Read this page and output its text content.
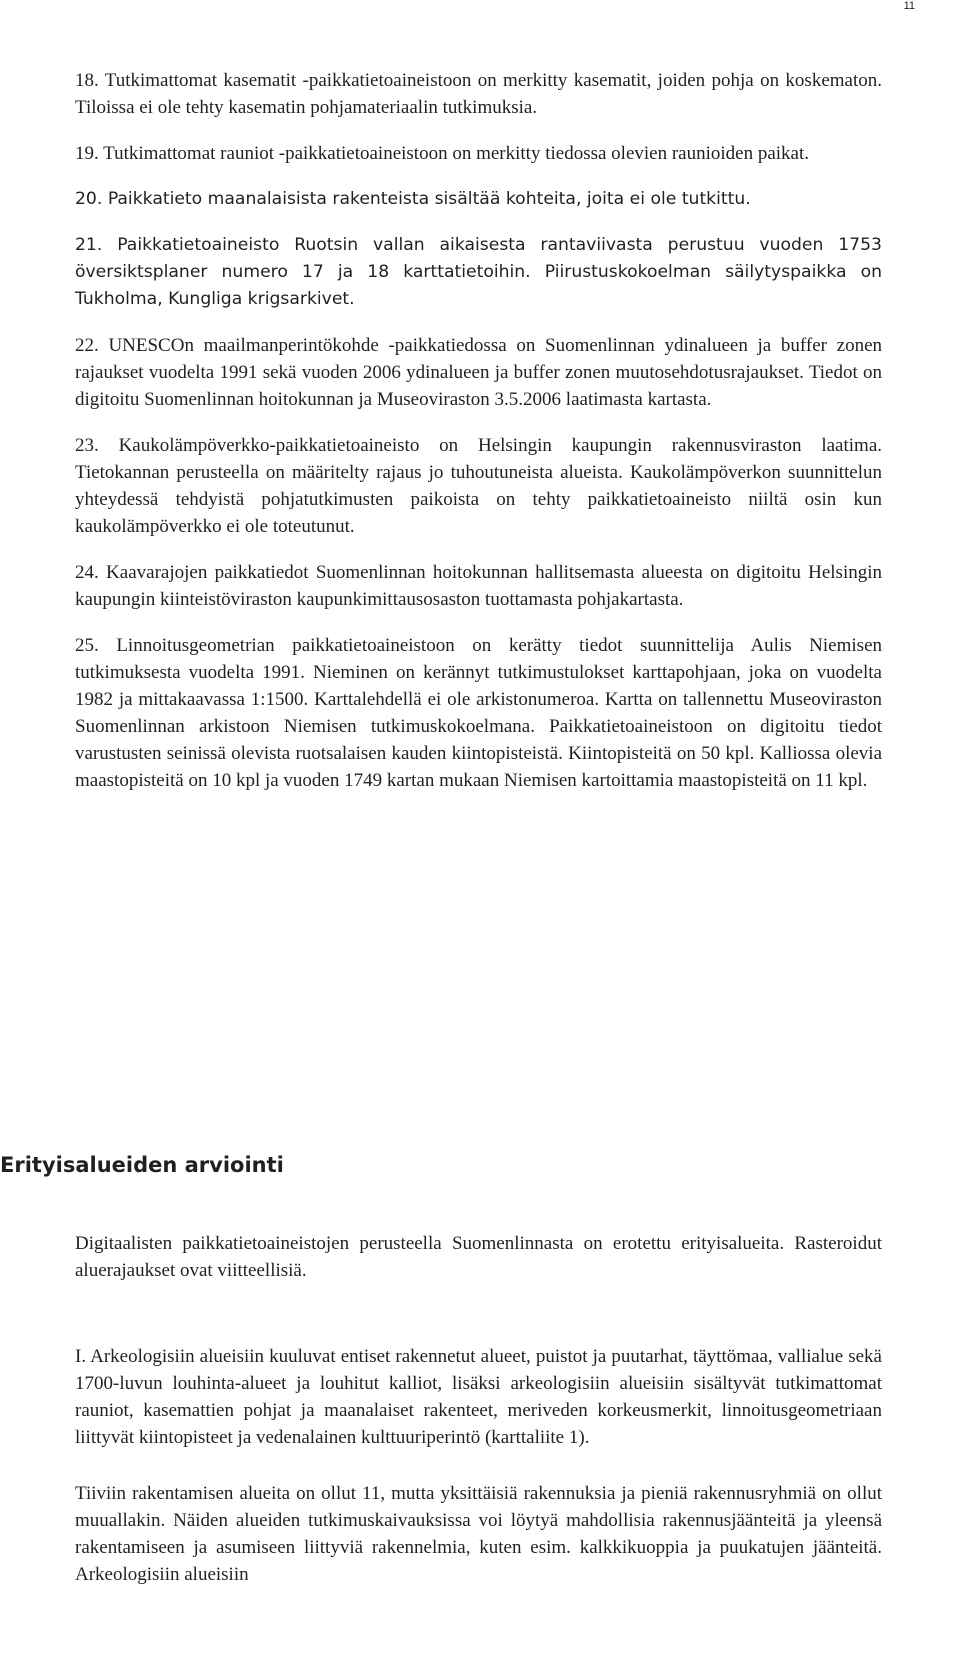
11

18. Tutkimattomat kasematit -paikkatietoaineistoon on merkitty kasematit, joiden pohja on koskematon. Tiloissa ei ole tehty kasematin pohjamateriaalin tutkimuksia.

19. Tutkimattomat rauniot -paikkatietoaineistoon on merkitty tiedossa olevien raunioiden paikat.

20. Paikkatieto maanalaisista rakenteista sisältää kohteita, joita ei ole tutkittu.

21. Paikkatietoaineisto Ruotsin vallan aikaisesta rantaviivasta perustuu vuoden 1753 översiktsplaner numero 17 ja 18 karttatietoihin. Piirustuskokoelman säilytyspaikka on Tukholma, Kungliga krigsarkivet.

22. UNESCOn maailmanperintökohde -paikkatiedossa on Suomenlinnan ydinalueen ja buffer zonen rajaukset vuodelta 1991 sekä vuoden 2006 ydinalueen ja buffer zonen muutosehdotusrajaukset. Tiedot on digitoitu Suomenlinnan hoitokunnan ja Museoviraston 3.5.2006 laatimasta kartasta.

23. Kaukolämpöverkko-paikkatietoaineisto on Helsingin kaupungin rakennusviraston laatima. Tietokannan perusteella on määritelty rajaus jo tuhoutuneista alueista. Kaukolämpöverkon suunnittelun yhteydessä tehdyistä pohjatutkimusten paikoista on tehty paikkatietoaineisto niiltä osin kun kaukolämpöverkko ei ole toteutunut.

24. Kaavarajojen paikkatiedot Suomenlinnan hoitokunnan hallitsemasta alueesta on digitoitu Helsingin kaupungin kiinteistöviraston kaupunkimittausosaston tuottamasta pohjakartasta.

25. Linnoitusgeometrian paikkatietoaineistoon on kerätty tiedot suunnittelija Aulis Niemisen tutkimuksesta vuodelta 1991. Nieminen on kerännyt tutkimustulokset karttapohjaan, joka on vuodelta 1982 ja mittakaavassa 1:1500. Karttalehdellä ei ole arkistonumeroa. Kartta on tallennettu Museoviraston Suomenlinnan arkistoon Niemisen tutkimuskokoelmana. Paikkatietoaineistoon on digitoitu tiedot varustusten seinissä olevista ruotsalaisen kauden kiintopisteistä. Kiintopisteitä on 50 kpl. Kalliossa olevia maastopisteitä on 10 kpl ja vuoden 1749 kartan mukaan Niemisen kartoittamia maastopisteitä on 11 kpl.

Erityisalueiden arviointi

Digitaalisten paikkatietoaineistojen perusteella Suomenlinnasta on erotettu erityisalueita. Rasteroidut aluerajaukset ovat viitteellisiä.

I. Arkeologisiin alueisiin kuuluvat entiset rakennetut alueet, puistot ja puutarhat, täyttömaa, vallialue sekä 1700-luvun louhinta-alueet ja louhitut kalliot, lisäksi arkeologisiin alueisiin sisältyvät tutkimattomat rauniot, kasemattien pohjat ja maanalaiset rakenteet, meriveden korkeusmerkit, linnoitusgeometriaan liittyvät kiintopisteet ja vedenalainen kulttuuriperintö (karttaliite 1).

Tiiviin rakentamisen alueita on ollut 11, mutta yksittäisiä rakennuksia ja pieniä rakennusryhmiä on ollut muuallakin. Näiden alueiden tutkimuskaivauksissa voi löytyä mahdollisia rakennusjäänteitä ja yleensä rakentamiseen ja asumiseen liittyviä rakennelmia, kuten esim. kalkkikuoppia ja puukatujen jäänteitä. Arkeologisiin alueisiin
